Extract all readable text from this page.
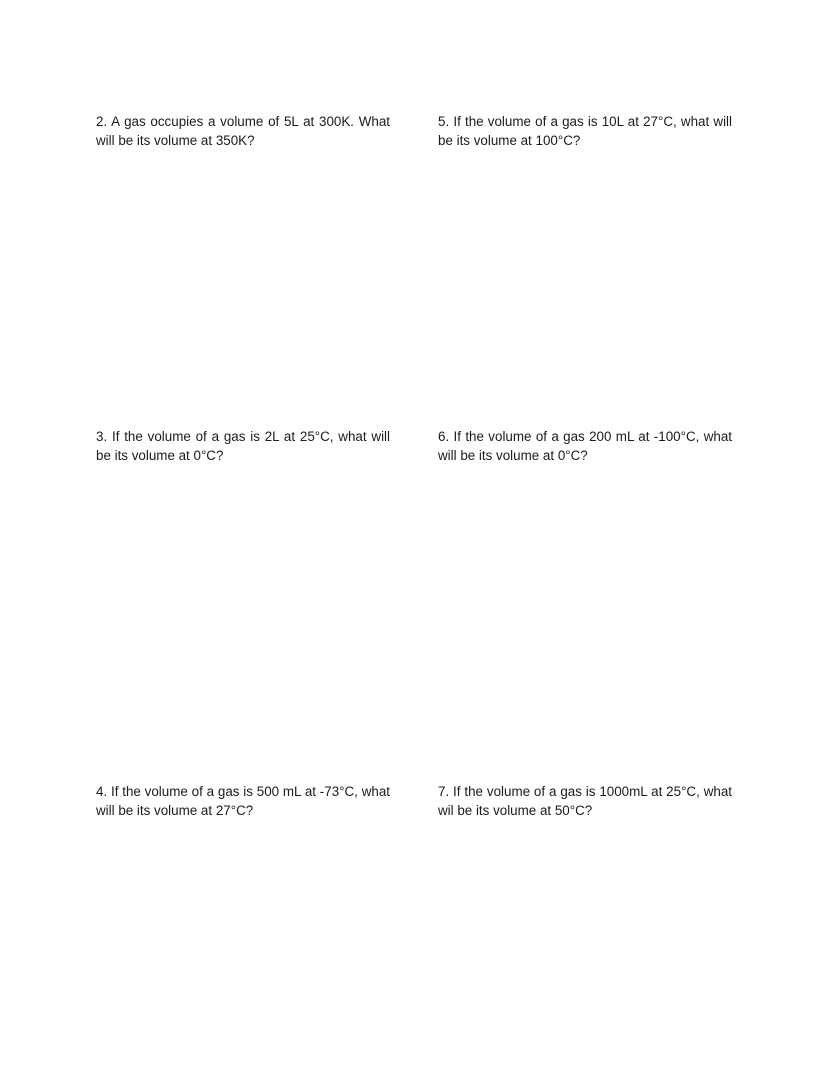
2. A gas occupies a volume of 5L at 300K. What will be its volume at 350K?
3. If the volume of a gas is 2L at 25°C, what will be its volume at 0°C?
4. If the volume of a gas is 500 mL at -73°C, what will be its volume at 27°C?
5. If the volume of a gas is 10L at 27°C, what will be its volume at 100°C?
6. If the volume of a gas 200 mL at -100°C, what will be its volume at 0°C?
7. If the volume of a gas is 1000mL at 25°C, what wil be its volume at 50°C?
